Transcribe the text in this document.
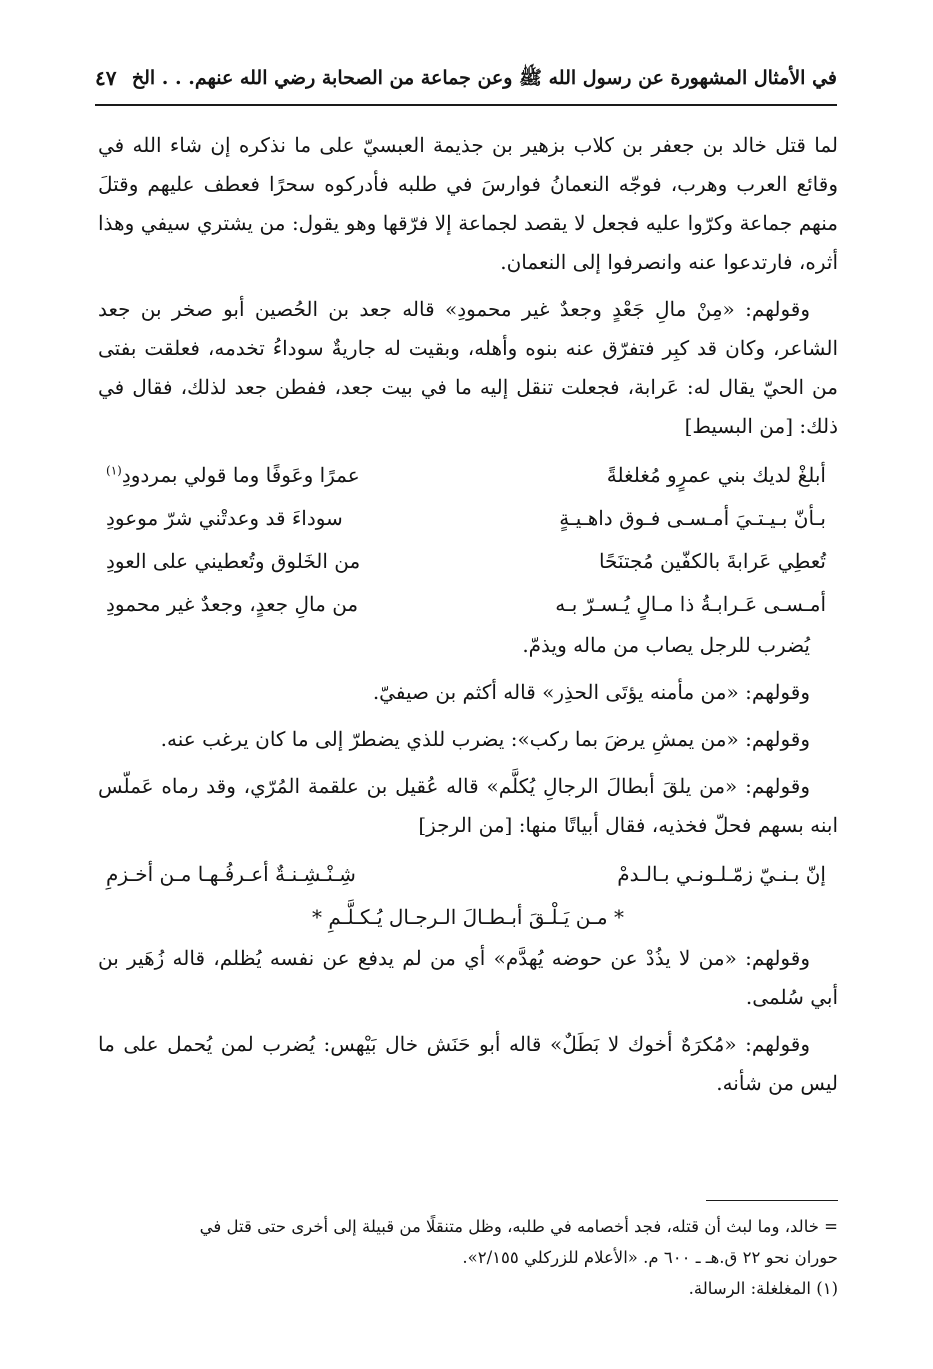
في الأمثال المشهورة عن رسول الله ﷺ وعن جماعة من الصحابة رضي الله عنهم. . . الخ
٤٧

لما قتل خالد بن جعفر بن كلاب بزهير بن جذيمة العبسيّ على ما نذكره إن شاء الله في وقائع العرب وهرب، فوجّه النعمانُ فوارسَ في طلبه فأدركوه سحرًا فعطف عليهم وقتلَ منهم جماعة وكرّوا عليه فجعل لا يقصد لجماعة إلا فرّقها وهو يقول: من يشتري سيفي وهذا أثره، فارتدعوا عنه وانصرفوا إلى النعمان.

وقولهم: «مِنْ مالِ جَعْدٍ وجعدٌ غير محمودِ» قاله جعد بن الحُصين أبو صخر بن جعد الشاعر، وكان قد كبِر فتفرّق عنه بنوه وأهله، وبقيت له جاريةٌ سوداءُ تخدمه، فعلقت بفتى من الحيّ يقال له: عَرابة، فجعلت تنقل إليه ما في بيت جعد، ففطن جعد لذلك، فقال في ذلك: [من البسيط]

أبلغْ لديك بني عمرٍو مُغلغلةً
عمرًا وعَوفًا وما قولي بمردودِ$^{(١)}$
بـأنّ بـيـتـيَ أمـسـى فـوق داهـيـةٍ
سوداءَ قد وعدتْني شرّ موعودِ
تُعطِي عَرابةَ بالكفّين مُجتنَحًا
من الخَلوق وتُعطيني على العودِ
أمـسـى عَـرابـةُ ذا مـالٍ يُـسـرّ بـه
من مالِ جعدٍ، وجعدٌ غير محمودِ

يُضرب للرجل يصاب من ماله ويذمّ.

وقولهم: «من مأمنه يؤتَى الحذِر» قاله أكثم بن صيفيّ.

وقولهم: «من يمشِ يرضَ بما ركب»: يضرب للذي يضطرّ إلى ما كان يرغب عنه.

وقولهم: «من يلقَ أبطالَ الرجالِ يُكلَّم» قاله عُقيل بن علقمة المُرّي، وقد رماه عَملّس ابنه بسهم فحلّ فخذيه، فقال أبياتًا منها: [من الرجز]

إنّ بـنـيّ زمّـلـونـي بـالـدمْ
شِـنْـشِـنـةٌ أعـرفُـهـا مـن أخـزمِ
* مـن يَـلْـقَ أبـطـالَ الـرجـال يُـكـلَّـمِ *

وقولهم: «من لا يذُدْ عن حوضه يُهدَّم» أي من لم يدفع عن نفسه يُظلم، قاله زُهَير بن أبي سُلمى.

وقولهم: «مُكرَهٌ أخوك لا بَطَلٌ» قاله أبو حَنَش خال بَيْهس: يُضرب لمن يُحمل على ما ليس من شأنه.

= خالد، وما لبث أن قتله، فجد أخصامه في طلبه، وظل متنقلًا من قبيلة إلى أخرى حتى قتل في
حوران نحو ٢٢ ق.هـ ـ ٦٠٠ م. «الأعلام للزركلي ٢/١٥٥».
(١) المغلغلة: الرسالة.
